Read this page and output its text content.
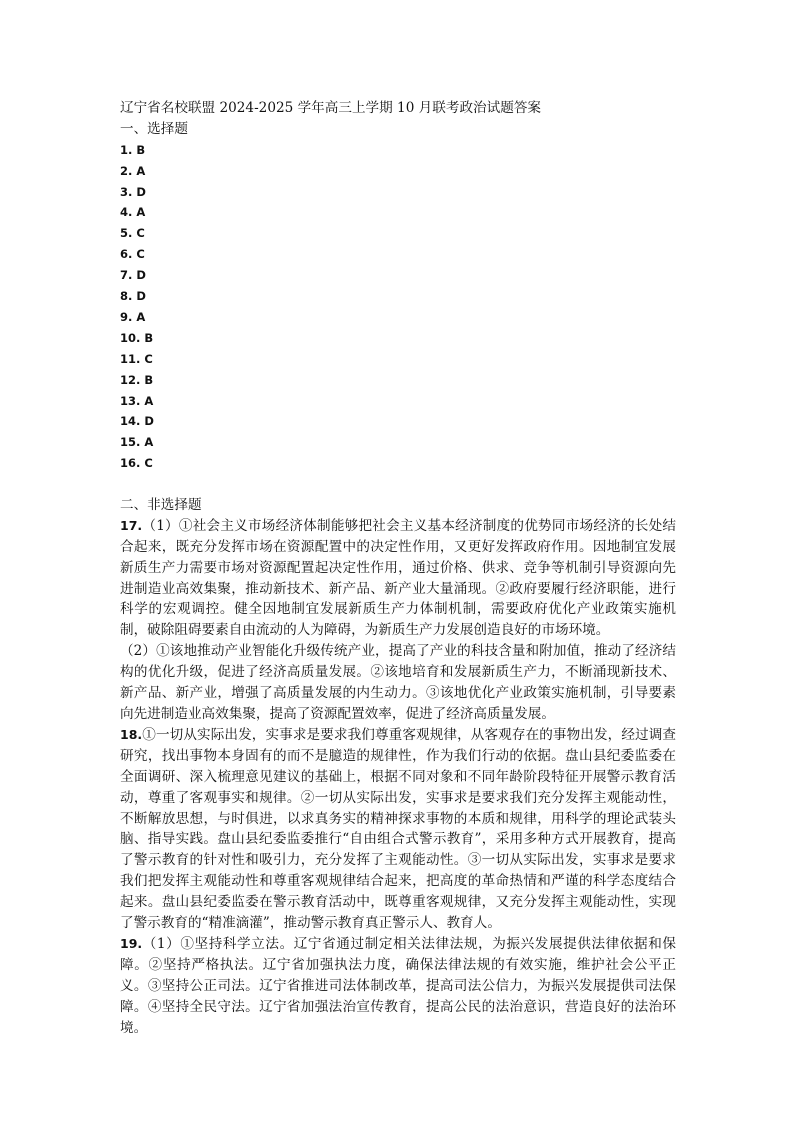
辽宁省名校联盟 2024-2025 学年高三上学期 10 月联考政治试题答案
一、选择题
1. B
2. A
3. D
4. A
5. C
6. C
7. D
8. D
9. A
10. B
11. C
12. B
13. A
14. D
15. A
16. C
二、非选择题

17.（1）①社会主义市场经济体制能够把社会主义基本经济制度的优势同市场经济的长处结合起来，既充分发挥市场在资源配置中的决定性作用，又更好发挥政府作用。因地制宜发展新质生产力需要市场对资源配置起决定性作用，通过价格、供求、竞争等机制引导资源向先进制造业高效集聚，推动新技术、新产品、新产业大量涌现。②政府要履行经济职能，进行科学的宏观调控。健全因地制宜发展新质生产力体制机制，需要政府优化产业政策实施机制，破除阻碍要素自由流动的人为障碍，为新质生产力发展创造良好的市场环境。

（2）①该地推动产业智能化升级传统产业，提高了产业的科技含量和附加值，推动了经济结构的优化升级，促进了经济高质量发展。②该地培育和发展新质生产力，不断涌现新技术、新产品、新产业，增强了高质量发展的内生动力。③该地优化产业政策实施机制，引导要素向先进制造业高效集聚，提高了资源配置效率，促进了经济高质量发展。

18.①一切从实际出发，实事求是要求我们尊重客观规律，从客观存在的事物出发，经过调查研究，找出事物本身固有的而不是臆造的规律性，作为我们行动的依据。盘山县纪委监委在全面调研、深入梳理意见建议的基础上，根据不同对象和不同年龄阶段特征开展警示教育活动，尊重了客观事实和规律。②一切从实际出发，实事求是要求我们充分发挥主观能动性，不断解放思想，与时俱进，以求真务实的精神探求事物的本质和规律，用科学的理论武装头脑、指导实践。盘山县纪委监委推行“自由组合式警示教育”，采用多种方式开展教育，提高了警示教育的针对性和吸引力，充分发挥了主观能动性。③一切从实际出发，实事求是要求我们把发挥主观能动性和尊重客观规律结合起来，把高度的革命热情和严谨的科学态度结合起来。盘山县纪委监委在警示教育活动中，既尊重客观规律，又充分发挥主观能动性，实现了警示教育的“精准滴灌”，推动警示教育真正警示人、教育人。

19.（1）①坚持科学立法。辽宁省通过制定相关法律法规，为振兴发展提供法律依据和保障。②坚持严格执法。辽宁省加强执法力度，确保法律法规的有效实施，维护社会公平正义。③坚持公正司法。辽宁省推进司法体制改革，提高司法公信力，为振兴发展提供司法保障。④坚持全民守法。辽宁省加强法治宣传教育，提高公民的法治意识，营造良好的法治环境。
